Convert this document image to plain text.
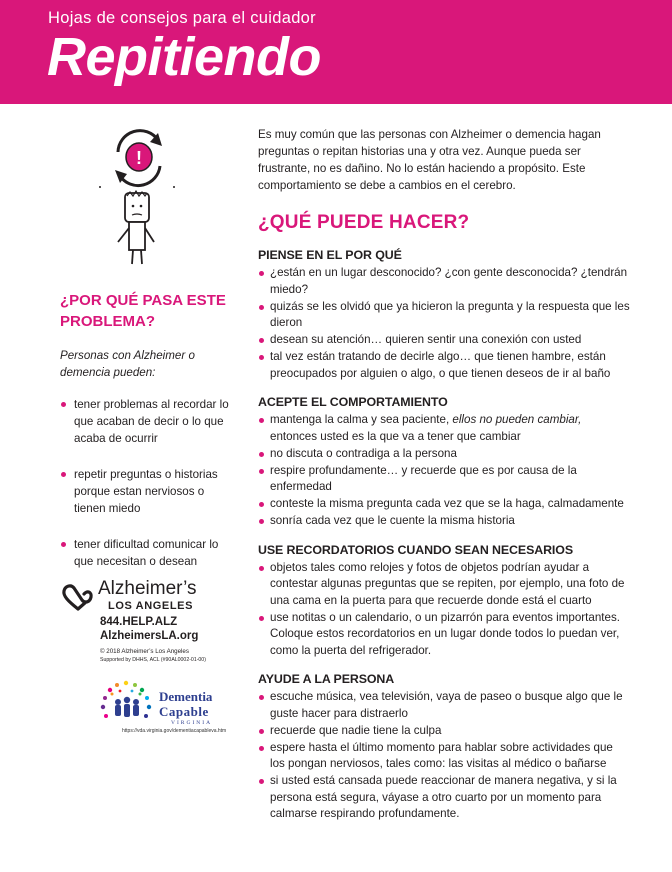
Hojas de consejos para el cuidador
Repitiendo
!
¿POR QUÉ PASA ESTE PROBLEMA?

Personas con Alzheimer o demencia pueden:

tener problemas al recordar lo que acaban de decir o lo que acaba de ocurrir
repetir preguntas o historias porque estan nerviosos o tienen miedo
tener dificultad comunicar lo que necesitan o desean
Alzheimer’s
LOS ANGELES
844.HELP.ALZ
AlzheimersLA.org
© 2018 Alzheimer’s Los Angeles
Supported by DHHS, ACL (#90AL0002-01-00)
Dementia
Capable
VIRGINIA
https://vda.virginia.gov/dementiacapableva.htm

Es muy común que las personas con Alzheimer o demencia hagan preguntas o repitan historias una y otra vez. Aunque pueda ser frustrante, no es dañino. No lo están haciendo a propósito. Este comportamiento se debe a cambios en el cerebro.

¿QUÉ PUEDE HACER?
PIENSE EN EL POR QUÉ
¿están en un lugar desconocido? ¿con gente desconocida? ¿tendrán miedo?
quizás se les olvidó que ya hicieron la pregunta y la respuesta que les dieron
desean su atención… quieren sentir una conexión con usted
tal vez están tratando de decirle algo… que tienen hambre, están preocupados por alguien o algo, o que tienen deseos de ir al baño
ACEPTE EL COMPORTAMIENTO
mantenga la calma y sea paciente, ellos no pueden cambiar, entonces usted es la que va a tener que cambiar
no discuta o contradiga a la persona
respire profundamente… y recuerde que es por causa de la enfermedad
conteste la misma pregunta cada vez que se la haga, calmadamente
sonría cada vez que le cuente la misma historia
USE RECORDATORIOS CUANDO SEAN NECESARIOS
objetos tales como relojes y fotos de objetos podrían ayudar a contestar algunas preguntas que se repiten, por ejemplo, una foto de una cama en la puerta para que recuerde donde está el cuarto
use notitas o un calendario, o un pizarrón para eventos importantes. Coloque estos recordatorios en un lugar donde todos lo puedan ver, como la puerta del refrigerador.
AYUDE A LA PERSONA
escuche música, vea televisión, vaya de paseo o busque algo que le guste hacer para distraerlo
recuerde que nadie tiene la culpa
espere hasta el último momento para hablar sobre actividades que los pongan nerviosos, tales como: las visitas al médico o bañarse
si usted está cansada puede reaccionar de manera negativa, y si la persona está segura, váyase a otro cuarto por un momento para calmarse respirando profundamente.
